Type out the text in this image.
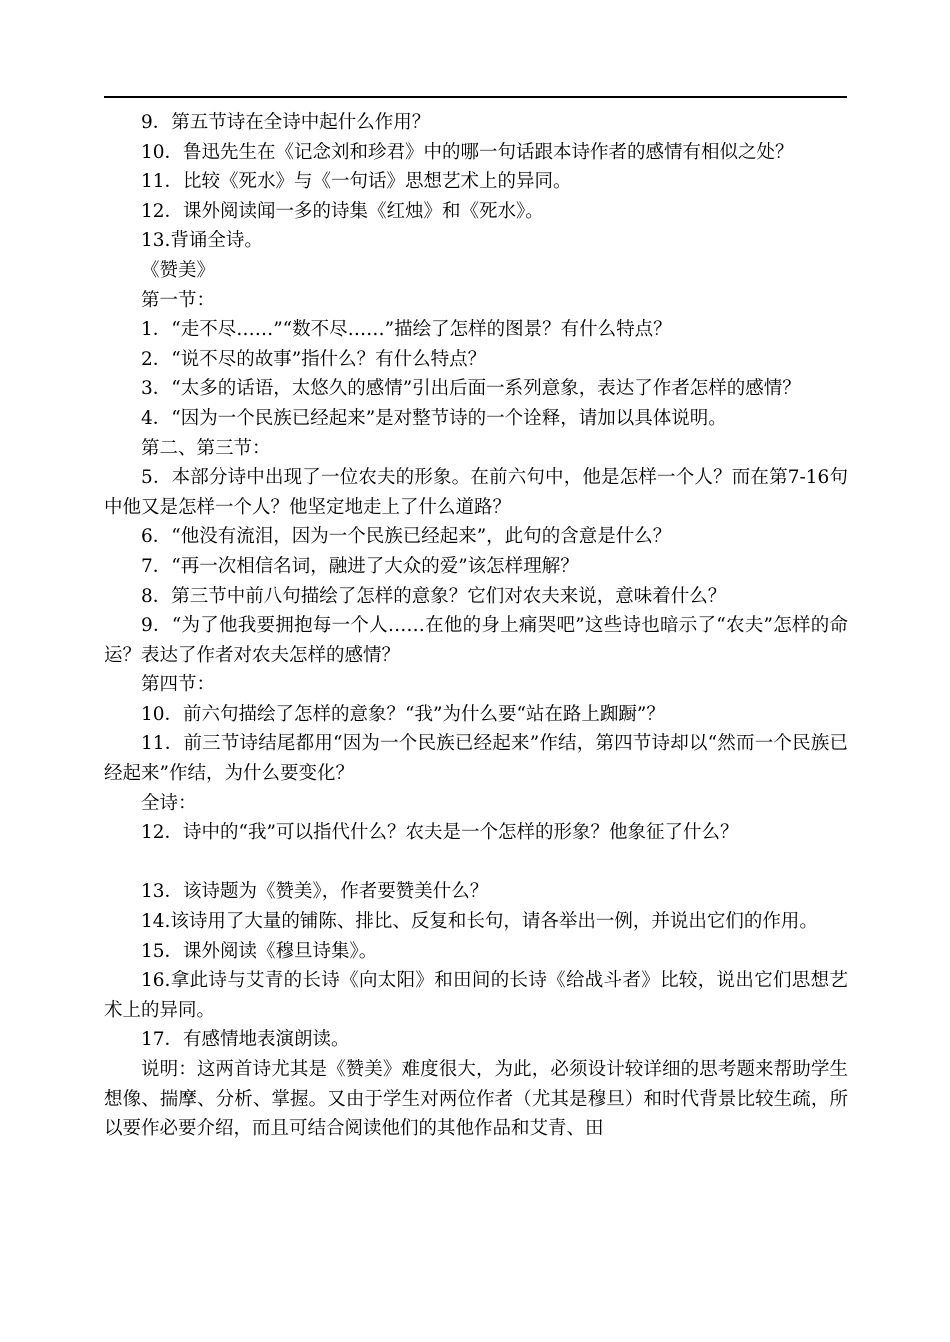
9．第五节诗在全诗中起什么作用？

10．鲁迅先生在《记念刘和珍君》中的哪一句话跟本诗作者的感情有相似之处？

11．比较《死水》与《一句话》思想艺术上的异同。

12．课外阅读闻一多的诗集《红烛》和《死水》。

13.背诵全诗。

《赞美》

第一节：

1．“走不尽……”“数不尽……”描绘了怎样的图景？有什么特点？

2．“说不尽的故事”指什么？有什么特点？

3．“太多的话语，太悠久的感情”引出后面一系列意象，表达了作者怎样的感情？

4．“因为一个民族已经起来”是对整节诗的一个诠释，请加以具体说明。

第二、第三节：

5．本部分诗中出现了一位农夫的形象。在前六句中，他是怎样一个人？而在第7-16句中他又是怎样一个人？他坚定地走上了什么道路？

6．“他没有流泪，因为一个民族已经起来”，此句的含意是什么？

7．“再一次相信名词，融进了大众的爱”该怎样理解？

8．第三节中前八句描绘了怎样的意象？它们对农夫来说，意味着什么？

9．“为了他我要拥抱每一个人……在他的身上痛哭吧”这些诗也暗示了“农夫”怎样的命运？表达了作者对农夫怎样的感情？

第四节：

10．前六句描绘了怎样的意象？“我”为什么要“站在路上踟蹰”？

11．前三节诗结尾都用“因为一个民族已经起来”作结，第四节诗却以“然而一个民族已经起来”作结，为什么要变化？

全诗：

12．诗中的“我”可以指代什么？农夫是一个怎样的形象？他象征了什么？

13．该诗题为《赞美》，作者要赞美什么？

14.该诗用了大量的铺陈、排比、反复和长句，请各举出一例，并说出它们的作用。

15．课外阅读《穆旦诗集》。

16.拿此诗与艾青的长诗《向太阳》和田间的长诗《给战斗者》比较，说出它们思想艺术上的异同。

17．有感情地表演朗读。

说明：这两首诗尤其是《赞美》难度很大，为此，必须设计较详细的思考题来帮助学生想像、揣摩、分析、掌握。又由于学生对两位作者（尤其是穆旦）和时代背景比较生疏，所以要作必要介绍，而且可结合阅读他们的其他作品和艾青、田
